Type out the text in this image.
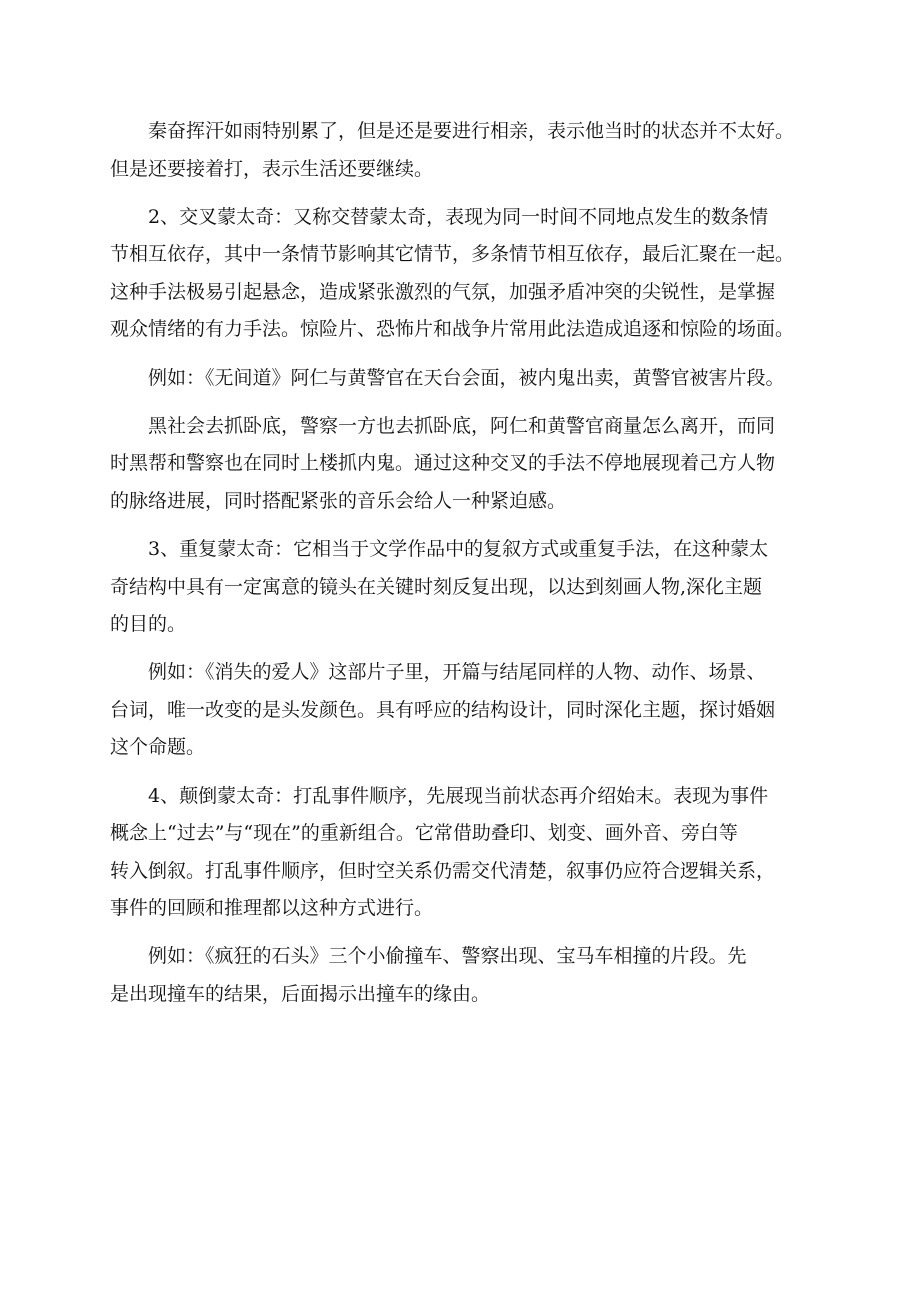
秦奋挥汗如雨特别累了，但是还是要进行相亲，表示他当时的状态并不太好。
但是还要接着打，表示生活还要继续。

2、交叉蒙太奇：又称交替蒙太奇，表现为同一时间不同地点发生的数条情
节相互依存，其中一条情节影响其它情节，多条情节相互依存，最后汇聚在一起。
这种手法极易引起悬念，造成紧张激烈的气氛，加强矛盾冲突的尖锐性，是掌握
观众情绪的有力手法。惊险片、恐怖片和战争片常用此法造成追逐和惊险的场面。

例如：《无间道》阿仁与黄警官在天台会面，被内鬼出卖，黄警官被害片段。

黑社会去抓卧底，警察一方也去抓卧底，阿仁和黄警官商量怎么离开，而同
时黑帮和警察也在同时上楼抓内鬼。通过这种交叉的手法不停地展现着己方人物
的脉络进展，同时搭配紧张的音乐会给人一种紧迫感。

3、重复蒙太奇：它相当于文学作品中的复叙方式或重复手法，在这种蒙太
奇结构中具有一定寓意的镜头在关键时刻反复出现，以达到刻画人物,深化主题
的目的。

例如：《消失的爱人》这部片子里，开篇与结尾同样的人物、动作、场景、
台词，唯一改变的是头发颜色。具有呼应的结构设计，同时深化主题，探讨婚姻
这个命题。

4、颠倒蒙太奇：打乱事件顺序，先展现当前状态再介绍始末。表现为事件
概念上“过去”与“现在”的重新组合。它常借助叠印、划变、画外音、旁白等
转入倒叙。打乱事件顺序，但时空关系仍需交代清楚，叙事仍应符合逻辑关系，
事件的回顾和推理都以这种方式进行。

例如：《疯狂的石头》三个小偷撞车、警察出现、宝马车相撞的片段。先
是出现撞车的结果，后面揭示出撞车的缘由。
